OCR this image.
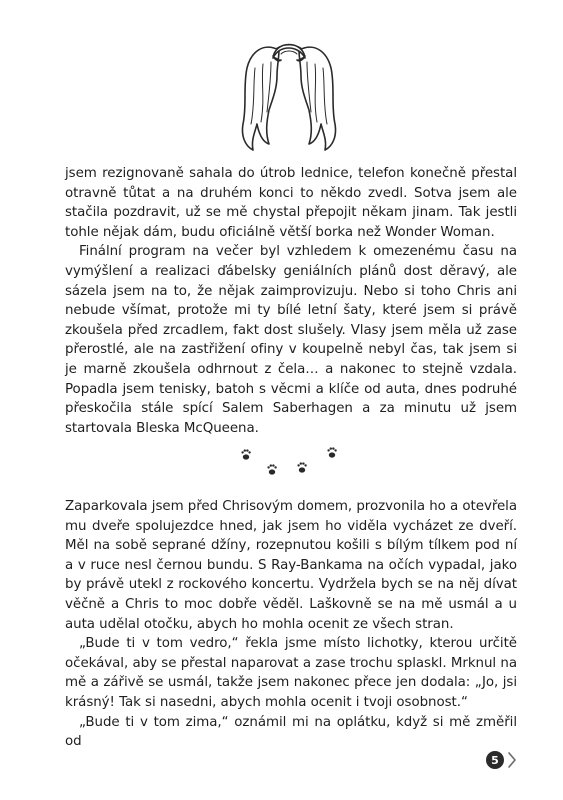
jsem rezignovaně sahala do útrob lednice, telefon konečně přestal otravně tůtat a na druhém konci to někdo zvedl. Sotva jsem ale stačila pozdravit, už se mě chystal přepojit někam jinam. Tak jestli tohle nějak dám, budu oficiálně větší borka než Wonder Woman.

Finální program na večer byl vzhledem k omezenému času na vymýšlení a realizaci ďábelsky geniálních plánů dost děravý, ale sázela jsem na to, že nějak zaimprovizuju. Nebo si toho Chris ani nebude všímat, protože mi ty bílé letní šaty, které jsem si právě zkoušela před zrcadlem, fakt dost slušely. Vlasy jsem měla už zase přerostlé, ale na zastřižení ofiny v koupelně nebyl čas, tak jsem si je marně zkoušela odhrnout z čela… a nakonec to stejně vzdala. Popadla jsem tenisky, batoh s věcmi a klíče od auta, dnes podruhé přeskočila stále spící Salem Saberhagen a za minutu už jsem startovala Bleska McQueena.

Zaparkovala jsem před Chrisovým domem, prozvonila ho a otevřela mu dveře spolujezdce hned, jak jsem ho viděla vycházet ze dveří. Měl na sobě seprané džíny, rozepnutou košili s bílým tílkem pod ní a v ruce nesl černou bundu. S Ray-Bankama na očích vypadal, jako by právě utekl z rockového koncertu. Vydržela bych se na něj dívat věčně a Chris to moc dobře věděl. Laškovně se na mě usmál a u auta udělal otočku, abych ho mohla ocenit ze všech stran.

„Bude ti v tom vedro,“ řekla jsme místo lichotky, kterou určitě očekával, aby se přestal naparovat a zase trochu splaskl. Mrknul na mě a zářivě se usmál, takže jsem nakonec přece jen dodala: „Jo, jsi krásný! Tak si nasedni, abych mohla ocenit i tvoji osobnost.“

„Bude ti v tom zima,“ oznámil mi na oplátku, když si mě změřil od

5
